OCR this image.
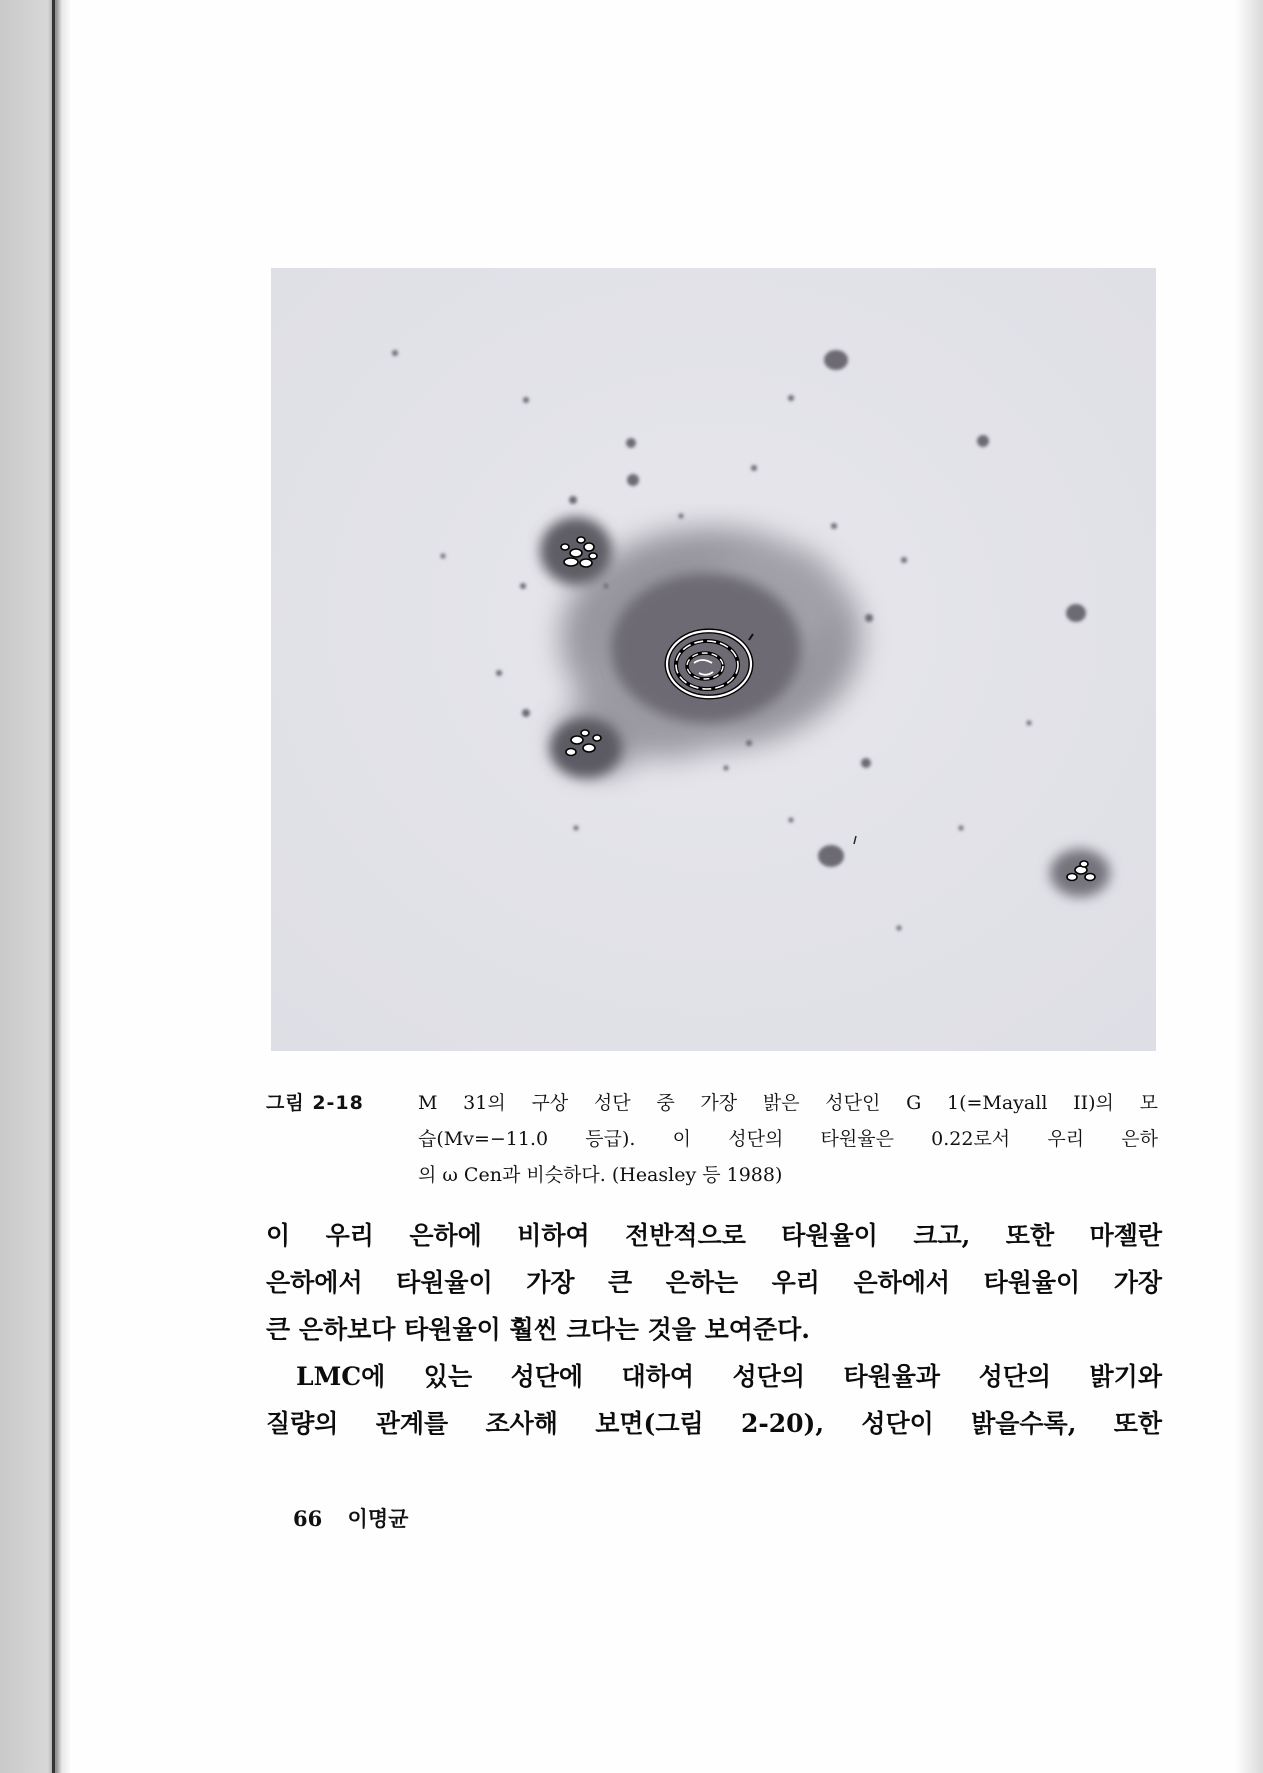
그림 2-18	M 31의 구상 성단 중 가장 밝은 성단인 G 1(=Mayall II)의 모
습(Mv=−11.0 등급). 이 성단의 타원율은 0.22로서 우리 은하
의 ω Cen과 비슷하다. (Heasley 등 1988)
이 우리 은하에 비하여 전반적으로 타원율이 크고, 또한 마젤란
은하에서 타원율이 가장 큰 은하는 우리 은하에서 타원율이 가장
큰 은하보다 타원율이 훨씬 크다는 것을 보여준다.
LMC에 있는 성단에 대하여 성단의 타원율과 성단의 밝기와
질량의 관계를 조사해 보면(그림 2-20), 성단이 밝을수록, 또한
66 이명균
